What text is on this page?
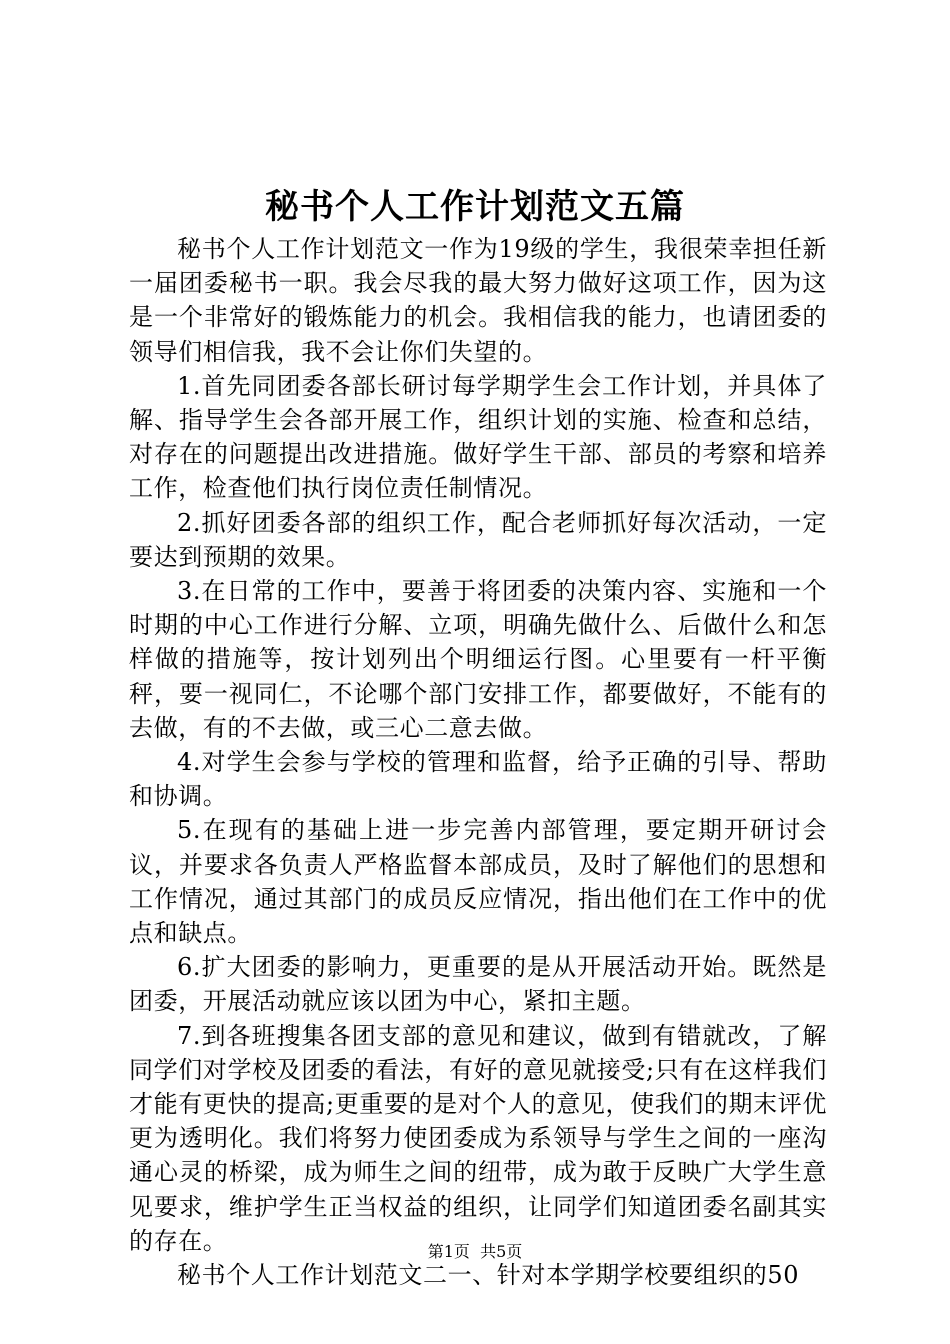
秘书个人工作计划范文五篇

秘书个人工作计划范文一作为19级的学生，我很荣幸担任新一届团委秘书一职。我会尽我的最大努力做好这项工作，因为这是一个非常好的锻炼能力的机会。我相信我的能力，也请团委的领导们相信我，我不会让你们失望的。

1.首先同团委各部长研讨每学期学生会工作计划，并具体了解、指导学生会各部开展工作，组织计划的实施、检查和总结，对存在的问题提出改进措施。做好学生干部、部员的考察和培养工作，检查他们执行岗位责任制情况。

2.抓好团委各部的组织工作，配合老师抓好每次活动，一定要达到预期的效果。

3.在日常的工作中，要善于将团委的决策内容、实施和一个时期的中心工作进行分解、立项，明确先做什么、后做什么和怎样做的措施等，按计划列出个明细运行图。心里要有一杆平衡秤，要一视同仁，不论哪个部门安排工作，都要做好，不能有的去做，有的不去做，或三心二意去做。

4.对学生会参与学校的管理和监督，给予正确的引导、帮助和协调。

5.在现有的基础上进一步完善内部管理，要定期开研讨会议，并要求各负责人严格监督本部成员，及时了解他们的思想和工作情况，通过其部门的成员反应情况，指出他们在工作中的优点和缺点。

6.扩大团委的影响力，更重要的是从开展活动开始。既然是团委，开展活动就应该以团为中心，紧扣主题。

7.到各班搜集各团支部的意见和建议，做到有错就改，了解同学们对学校及团委的看法，有好的意见就接受;只有在这样我们才能有更快的提高;更重要的是对个人的意见，使我们的期末评优更为透明化。我们将努力使团委成为系领导与学生之间的一座沟通心灵的桥梁，成为师生之间的纽带，成为敢于反映广大学生意见要求，维护学生正当权益的组织，让同学们知道团委名副其实的存在。

秘书个人工作计划范文二一、针对本学期学校要组织的50

第1页 共5页
